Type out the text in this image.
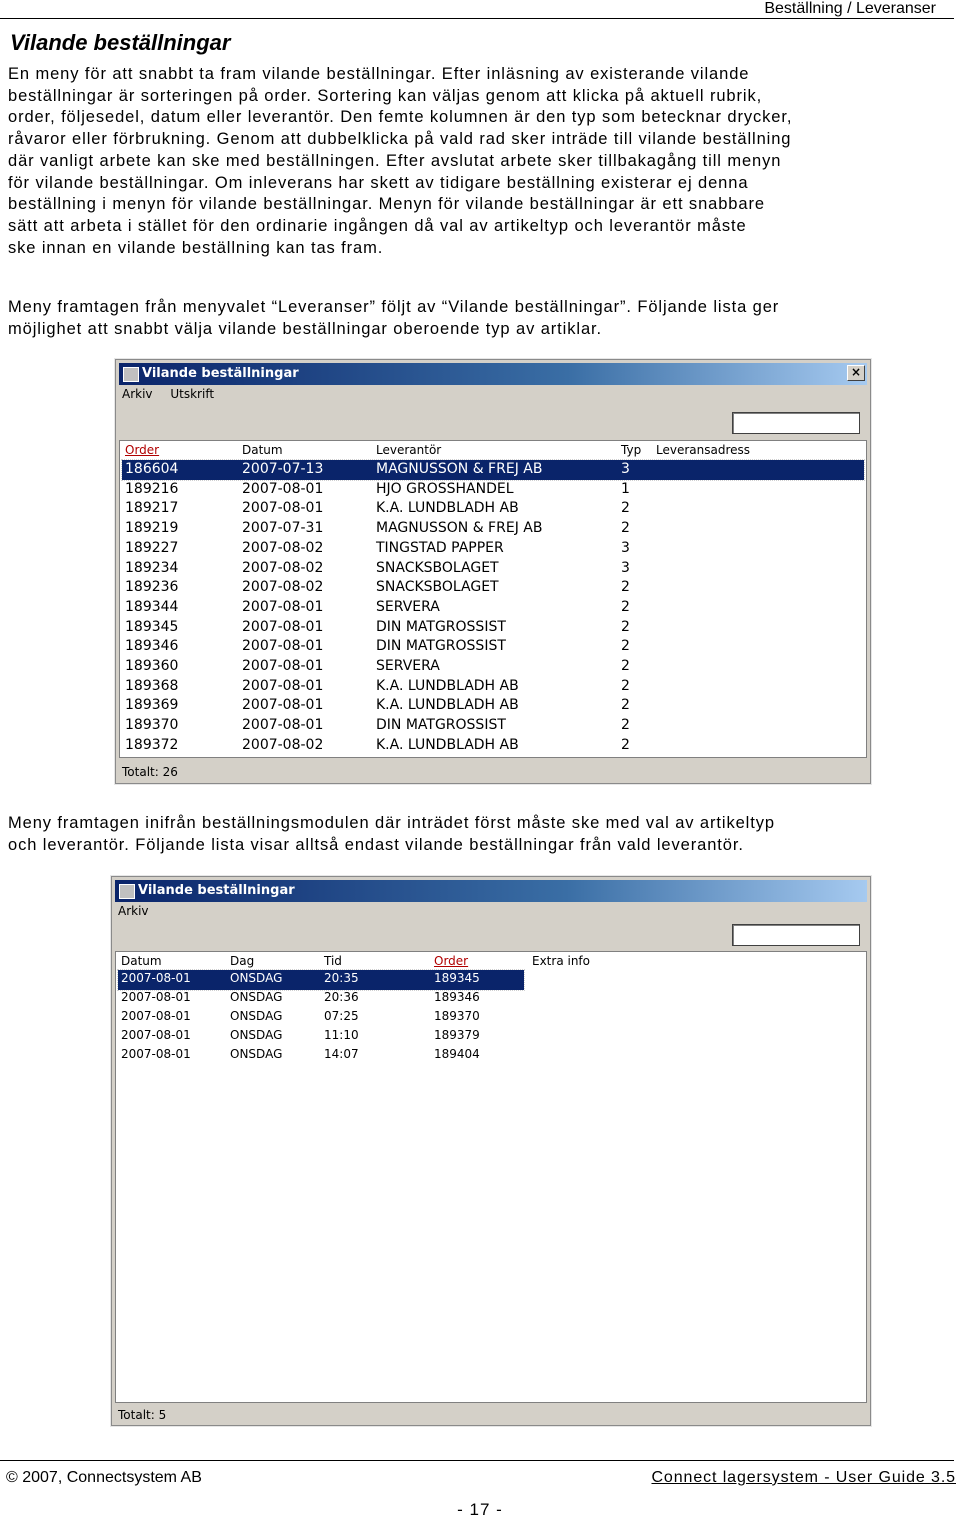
Beställning / Leveranser
Vilande beställningar
En meny för att snabbt ta fram vilande beställningar. Efter inläsning av existerande vilande
beställningar är sorteringen på order. Sortering kan väljas genom att klicka på aktuell rubrik,
order, följesedel, datum eller leverantör. Den femte kolumnen är den typ som betecknar drycker,
råvaror eller förbrukning. Genom att dubbelklicka på vald rad sker inträde till vilande beställning
där vanligt arbete kan ske med beställningen. Efter avslutat arbete sker tillbakagång till menyn
för vilande beställningar. Om inleverans har skett av tidigare beställning existerar ej denna
beställning i menyn för vilande beställningar. Menyn för vilande beställningar är ett snabbare
sätt att arbeta i stället för den ordinarie ingången då val av artikeltyp och leverantör måste
ske innan en vilande beställning kan tas fram.
Meny framtagen från menyvalet “Leveranser” följt av “Vilande beställningar”. Följande lista ger
möjlighet att snabbt välja vilande beställningar oberoende typ av artiklar.
Vilande beställningar	×
Arkiv Utskrift
Order	Datum	Leverantör	Typ Leveransadress
186604	2007-07-13	MAGNUSSON & FREJ AB	3
189216	2007-08-01	HJO GROSSHANDEL	1
189217	2007-08-01	K.A. LUNDBLADH AB	2
189219	2007-07-31	MAGNUSSON & FREJ AB	2
189227	2007-08-02	TINGSTAD PAPPER	3
189234	2007-08-02	SNACKSBOLAGET	3
189236	2007-08-02	SNACKSBOLAGET	2
189344	2007-08-01	SERVERA	2
189345	2007-08-01	DIN MATGROSSIST	2
189346	2007-08-01	DIN MATGROSSIST	2
189360	2007-08-01	SERVERA	2
189368	2007-08-01	K.A. LUNDBLADH AB	2
189369	2007-08-01	K.A. LUNDBLADH AB	2
189370	2007-08-01	DIN MATGROSSIST	2
189372	2007-08-02	K.A. LUNDBLADH AB	2
Totalt: 26
Meny framtagen inifrån beställningsmodulen där inträdet först måste ske med val av artikeltyp
och leverantör. Följande lista visar alltså endast vilande beställningar från vald leverantör.
Vilande beställningar
Arkiv
Datum	Dag	Tid	Order	Extra info
2007-08-01	ONSDAG	20:35	189345
2007-08-01	ONSDAG	20:36	189346
2007-08-01	ONSDAG	07:25	189370
2007-08-01	ONSDAG	11:10	189379
2007-08-01	ONSDAG	14:07	189404
Totalt: 5
© 2007, Connectsystem AB	Connect lagersystem - User Guide 3.5
- 17 -
